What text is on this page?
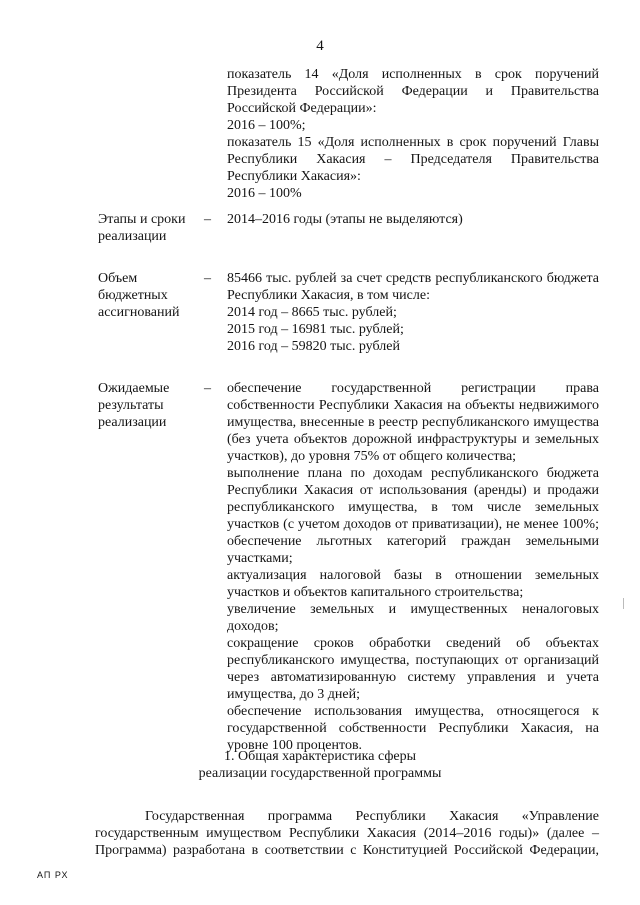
4
показатель 14 «Доля исполненных в срок поручений
Президента Российской Федерации и Правительства
Российской Федерации»:
2016 – 100%;
показатель 15 «Доля исполненных в срок поручений Главы
Республики Хакасия – Председателя Правительства
Республики Хакасия»:
2016 – 100%
Этапы и сроки
реализации
– 2014–2016 годы (этапы не выделяются)
Объем
бюджетных
ассигнований
– 85466 тыс. рублей за счет средств республиканского бюджета
Республики Хакасия, в том числе:
2014 год – 8665 тыс. рублей;
2015 год – 16981 тыс. рублей;
2016 год – 59820 тыс. рублей
Ожидаемые
результаты
реализации
– обеспечение государственной регистрации права
собственности Республики Хакасия на объекты недвижимого
имущества, внесенные в реестр республиканского имущества
(без учета объектов дорожной инфраструктуры и земельных
участков), до уровня 75% от общего количества;
выполнение плана по доходам республиканского бюджета
Республики Хакасия от использования (аренды) и продажи
республиканского имущества, в том числе земельных
участков (с учетом доходов от приватизации), не менее 100%;
обеспечение льготных категорий граждан земельными
участками;
актуализация налоговой базы в отношении земельных
участков и объектов капитального строительства;
увеличение земельных и имущественных неналоговых
доходов;
сокращение сроков обработки сведений об объектах
республиканского имущества, поступающих от организаций
через автоматизированную систему управления и учета
имущества, до 3 дней;
обеспечение использования имущества, относящегося к
государственной собственности Республики Хакасия, на
уровне 100 процентов.
1. Общая характеристика сферы
реализации государственной программы
Государственная программа Республики Хакасия «Управление
государственным имуществом Республики Хакасия (2014–2016 годы)» (далее –
Программа) разработана в соответствии с Конституцией Российской Федерации,
АП РХ
